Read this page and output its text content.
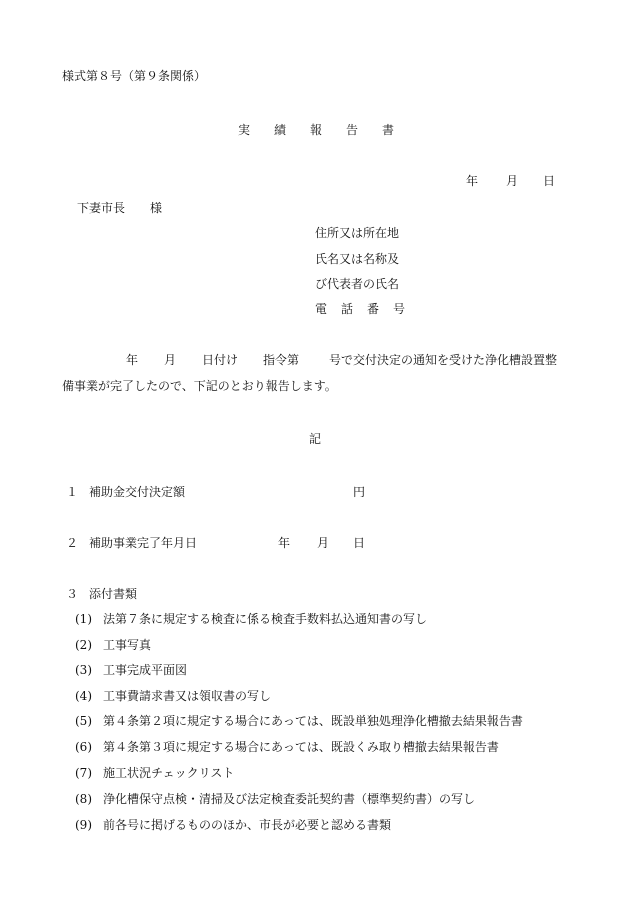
様式第８号（第９条関係）
実 績 報 告 書
年 月 日
下妻市長 様
住所又は所在地
氏名又は名称及
び代表者の氏名
電 話 番 号
年 月 日付け 指令第 号で交付決定の通知を受けた浄化槽設置整
備事業が完了したので、下記のとおり報告します。
記
１ 補助金交付決定額	円
２ 補助事業完了年月日	年 月 日
３ 添付書類
(1) 法第７条に規定する検査に係る検査手数料払込通知書の写し
(2) 工事写真
(3) 工事完成平面図
(4) 工事費請求書又は領収書の写し
(5) 第４条第２項に規定する場合にあっては、既設単独処理浄化槽撤去結果報告書
(6) 第４条第３項に規定する場合にあっては、既設くみ取り槽撤去結果報告書
(7) 施工状況チェックリスト
(8) 浄化槽保守点検・清掃及び法定検査委託契約書（標準契約書）の写し
(9) 前各号に掲げるもののほか、市長が必要と認める書類
